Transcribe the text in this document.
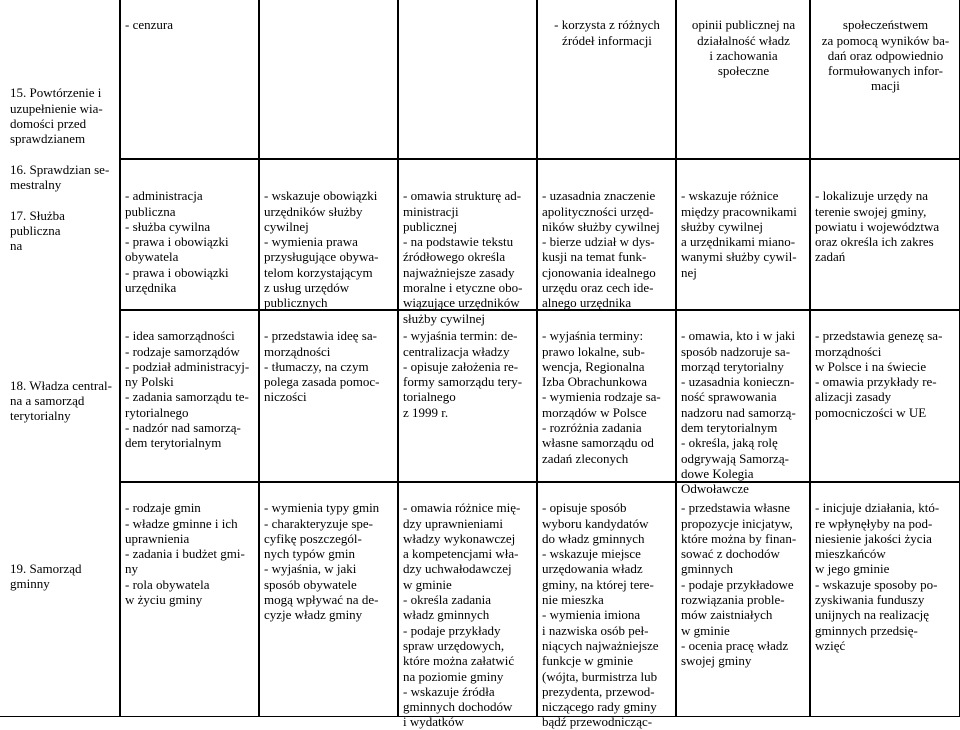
15. Powtórzenie i
uzupełnienie wia-
domości przed
sprawdzianem

16. Sprawdzian se-
mestralny

17. Służba publiczna
na

18. Władza central-
na a samorząd
terytorialny

19. Samorząd
gminny

- cenzura	- korzysta z różnych
źródeł informacji

opinii publicznej na
działalność władz
i zachowania
społeczne

społeczeństwem
za pomocą wyników ba-
dań oraz odpowiednio
formułowanych infor-
macji

- administracja
publiczna
- służba cywilna
- prawa i obowiązki
obywatela
- prawa i obowiązki
urzędnika

- wskazuje obowiązki
urzędników służby
cywilnej
- wymienia prawa
przysługujące obywa-
telom korzystającym
z usług urzędów
publicznych

- omawia strukturę ad-
ministracji
publicznej
- na podstawie tekstu
źródłowego określa
najważniejsze zasady
moralne i etyczne obo-
wiązujące urzędników
służby cywilnej

- uzasadnia znaczenie
apolityczności urzęd-
ników służby cywilnej
- bierze udział w dys-
kusji na temat funk-
cjonowania idealnego
urzędu oraz cech ide-
alnego urzędnika

- wskazuje różnice
między pracownikami
służby cywilnej
a urzędnikami miano-
wanymi służby cywil-
nej

- lokalizuje urzędy na
terenie swojej gminy,
powiatu i województwa
oraz określa ich zakres
zadań

- idea samorządności
- rodzaje samorządów
- podział administracyj-
ny Polski
- zadania samorządu te-
rytorialnego
- nadzór nad samorzą-
dem terytorialnym

- przedstawia ideę sa-
morządności
- tłumaczy, na czym
polega zasada pomoc-
niczości

- wyjaśnia termin: de-
centralizacja władzy
- opisuje założenia re-
formy samorządu tery-
torialnego
z 1999 r.

- wyjaśnia terminy:
prawo lokalne, sub-
wencja, Regionalna
Izba Obrachunkowa
- wymienia rodzaje sa-
morządów w Polsce
- rozróżnia zadania
własne samorządu od
zadań zleconych

- omawia, kto i w jaki
sposób nadzoruje sa-
morząd terytorialny
- uzasadnia konieczn-
ność sprawowania
nadzoru nad samorzą-
dem terytorialnym
- określa, jaką rolę
odgrywają Samorzą-
dowe Kolegia
Odwoławcze

- przedstawia genezę sa-
morządności
w Polsce i na świecie
- omawia przykłady re-
alizacji zasady
pomocniczości w UE

- rodzaje gmin
- władze gminne i ich
uprawnienia
- zadania i budżet gmi-
ny
- rola obywatela
w życiu gminy

- wymienia typy gmin
- charakteryzuje spe-
cyfikę poszczegól-
nych typów gmin
- wyjaśnia, w jaki
sposób obywatele
mogą wpływać na de-
cyzje władz gminy

- omawia różnice mię-
dzy uprawnieniami
władzy wykonawczej
a kompetencjami wła-
dzy uchwałodawczej
w gminie
- określa zadania
władz gminnych
- podaje przykłady
spraw urzędowych,
które można załatwić
na poziomie gminy
- wskazuje źródła
gminnych dochodów
i wydatków

- opisuje sposób
wyboru kandydatów
do władz gminnych
- wskazuje miejsce
urzędowania władz
gminy, na której tere-
nie mieszka
- wymienia imiona
i nazwiska osób peł-
niących najważniejsze
funkcje w gminie
(wójta, burmistrza lub
prezydenta, przewod-
niczącego rady gminy
bądź przewodnicząc-

- przedstawia własne
propozycje inicjatyw,
które można by finan-
sować z dochodów
gminnych
- podaje przykładowe
rozwiązania proble-
mów zaistniałych
w gminie
- ocenia pracę władz
swojej gminy

- inicjuje działania, któ-
re wpłynęłyby na pod-
niesienie jakości życia
mieszkańców
w jego gminie
- wskazuje sposoby po-
zyskiwania funduszy
unijnych na realizację
gminnych przedsię-
wzięć
